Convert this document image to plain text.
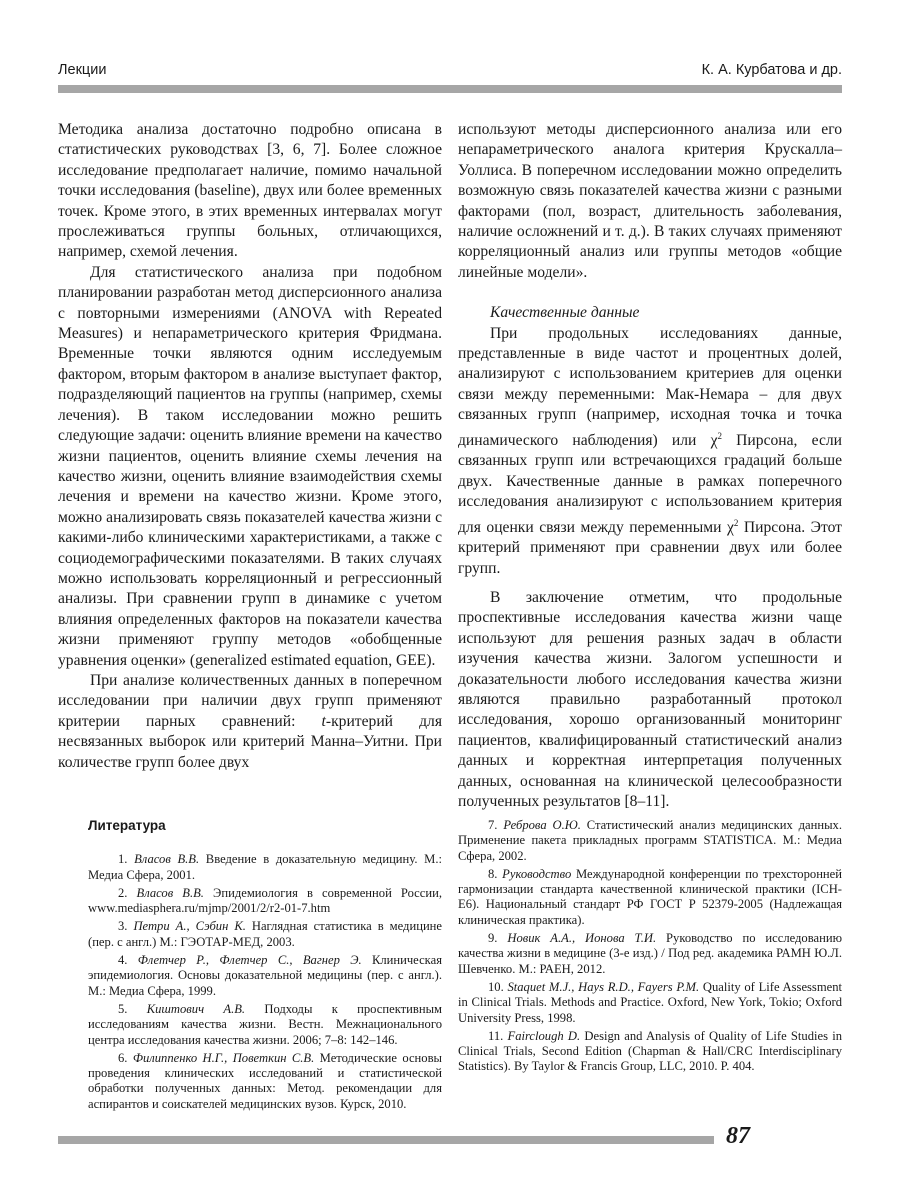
Лекции	К. А. Курбатова и др.

Методика анализа достаточно подробно описана в статистических руководствах [3, 6, 7]. Более сложное исследование предполагает наличие, помимо начальной точки исследования (baseline), двух или более временных точек. Кроме этого, в этих временных интервалах могут прослеживаться группы больных, отличающихся, например, схемой лечения.

Для статистического анализа при подобном планировании разработан метод дисперсионного анализа с повторными измерениями (ANOVA with Repeated Measures) и непараметрического критерия Фридмана. Временные точки являются одним исследуемым фактором, вторым фактором в анализе выступает фактор, подразделяющий пациентов на группы (например, схемы лечения). В таком исследовании можно решить следующие задачи: оценить влияние времени на качество жизни пациентов, оценить влияние схемы лечения на качество жизни, оценить влияние взаимодействия схемы лечения и времени на качество жизни. Кроме этого, можно анализировать связь показателей качества жизни с какими-либо клиническими характеристиками, а также с социодемографическими показателями. В таких случаях можно использовать корреляционный и регрессионный анализы. При сравнении групп в динамике с учетом влияния определенных факторов на показатели качества жизни применяют группу методов «обобщенные уравнения оценки» (generalized estimated equation, GEE).

При анализе количественных данных в поперечном исследовании при наличии двух групп применяют критерии парных сравнений: t-критерий для несвязанных выборок или критерий Манна–Уитни. При количестве групп более двух

используют методы дисперсионного анализа или его непараметрического аналога критерия Крускалла–Уоллиса. В поперечном исследовании можно определить возможную связь показателей качества жизни с разными факторами (пол, возраст, длительность заболевания, наличие осложнений и т. д.). В таких случаях применяют корреляционный анализ или группы методов «общие линейные модели».

Качественные данные

При продольных исследованиях данные, представленные в виде частот и процентных долей, анализируют с использованием критериев для оценки связи между переменными: Мак-Немара – для двух связанных групп (например, исходная точка и точка динамического наблюдения) или $\chi^2$ Пирсона, если связанных групп или встречающихся градаций больше двух. Качественные данные в рамках поперечного исследования анализируют с использованием критерия для оценки связи между переменными $\chi^2$ Пирсона. Этот критерий применяют при сравнении двух или более групп.

В заключение отметим, что продольные проспективные исследования качества жизни чаще используют для решения разных задач в области изучения качества жизни. Залогом успешности и доказательности любого исследования качества жизни являются правильно разработанный протокол исследования, хорошо организованный мониторинг пациентов, квалифицированный статистический анализ данных и корректная интерпретация полученных данных, основанная на клинической целесообразности полученных результатов [8–11].

Литература

1. Власов В.В. Введение в доказательную медицину. М.: Медиа Сфера, 2001.

2. Власов В.В. Эпидемиология в современной России, www.mediasphera.ru/mjmp/2001/2/r2-01-7.htm

3. Петри А., Сэбин К. Наглядная статистика в медицине (пер. с англ.) М.: ГЭОТАР-МЕД, 2003.

4. Флетчер Р., Флетчер С., Вагнер Э. Клиническая эпидемиология. Основы доказательной медицины (пер. с англ.). М.: Медиа Сфера, 1999.

5. Киштович А.В. Подходы к проспективным исследованиям качества жизни. Вестн. Межнационального центра исследования качества жизни. 2006; 7–8: 142–146.

6. Филиппенко Н.Г., Поветкин С.В. Методические основы проведения клинических исследований и статистической обработки полученных данных: Метод. рекомендации для аспирантов и соискателей медицинских вузов. Курск, 2010.

7. Реброва О.Ю. Статистический анализ медицинских данных. Применение пакета прикладных программ STATISTICA. М.: Медиа Сфера, 2002.

8. Руководство Международной конференции по трехсторонней гармонизации стандарта качественной клинической практики (ICH-E6). Национальный стандарт РФ ГОСТ Р 52379-2005 (Надлежащая клиническая практика).

9. Новик А.А., Ионова Т.И. Руководство по исследованию качества жизни в медицине (3-е изд.) / Под ред. академика РАМН Ю.Л. Шевченко. М.: РАЕН, 2012.

10. Staquet M.J., Hays R.D., Fayers P.M. Quality of Life Assessment in Clinical Trials. Methods and Practice. Oxford, New York, Tokio; Oxford University Press, 1998.

11. Fairclough D. Design and Analysis of Quality of Life Studies in Clinical Trials, Second Edition (Chapman & Hall/CRC Interdisciplinary Statistics). By Taylor & Francis Group, LLC, 2010. P. 404.

87
